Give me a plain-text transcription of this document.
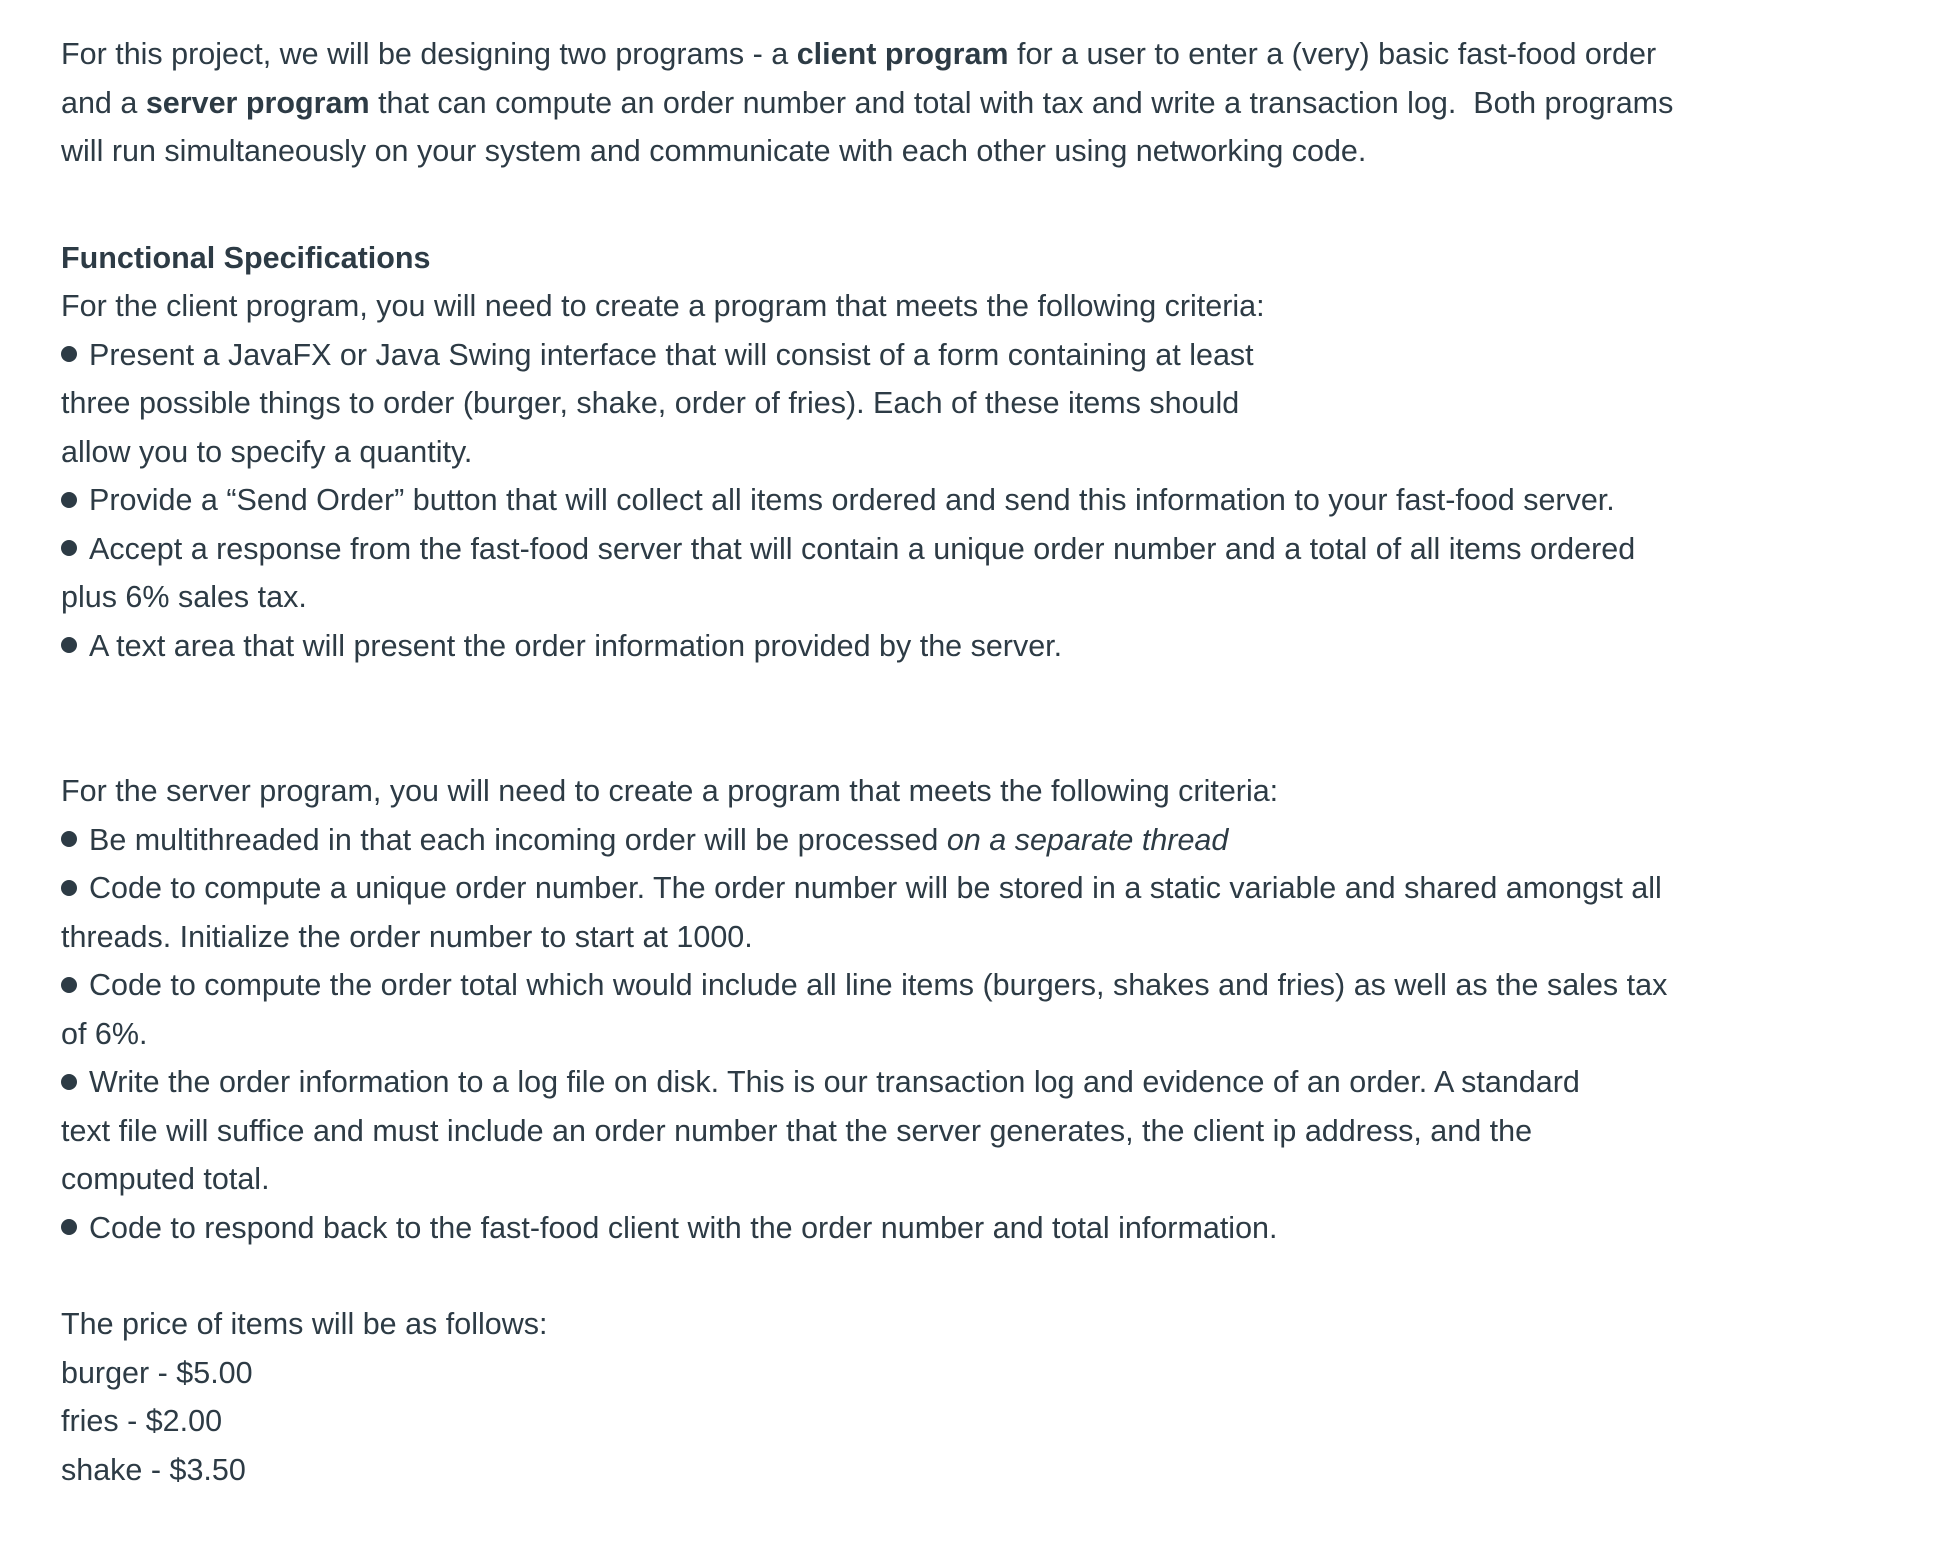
For this project, we will be designing two programs - a client program for a user to enter a (very) basic fast-food order
and a server program that can compute an order number and total with tax and write a transaction log.  Both programs
will run simultaneously on your system and communicate with each other using networking code.
Functional Specifications
For the client program, you will need to create a program that meets the following criteria:
Present a JavaFX or Java Swing interface that will consist of a form containing at least
three possible things to order (burger, shake, order of fries). Each of these items should
allow you to specify a quantity.
Provide a “Send Order” button that will collect all items ordered and send this information to your fast-food server.
Accept a response from the fast-food server that will contain a unique order number and a total of all items ordered
plus 6% sales tax.
A text area that will present the order information provided by the server.
For the server program, you will need to create a program that meets the following criteria:
Be multithreaded in that each incoming order will be processed on a separate thread
Code to compute a unique order number. The order number will be stored in a static variable and shared amongst all
threads. Initialize the order number to start at 1000.
Code to compute the order total which would include all line items (burgers, shakes and fries) as well as the sales tax
of 6%.
Write the order information to a log file on disk. This is our transaction log and evidence of an order. A standard
text file will suffice and must include an order number that the server generates, the client ip address, and the
computed total.
Code to respond back to the fast-food client with the order number and total information.
The price of items will be as follows:
burger - $5.00
fries - $2.00
shake - $3.50
